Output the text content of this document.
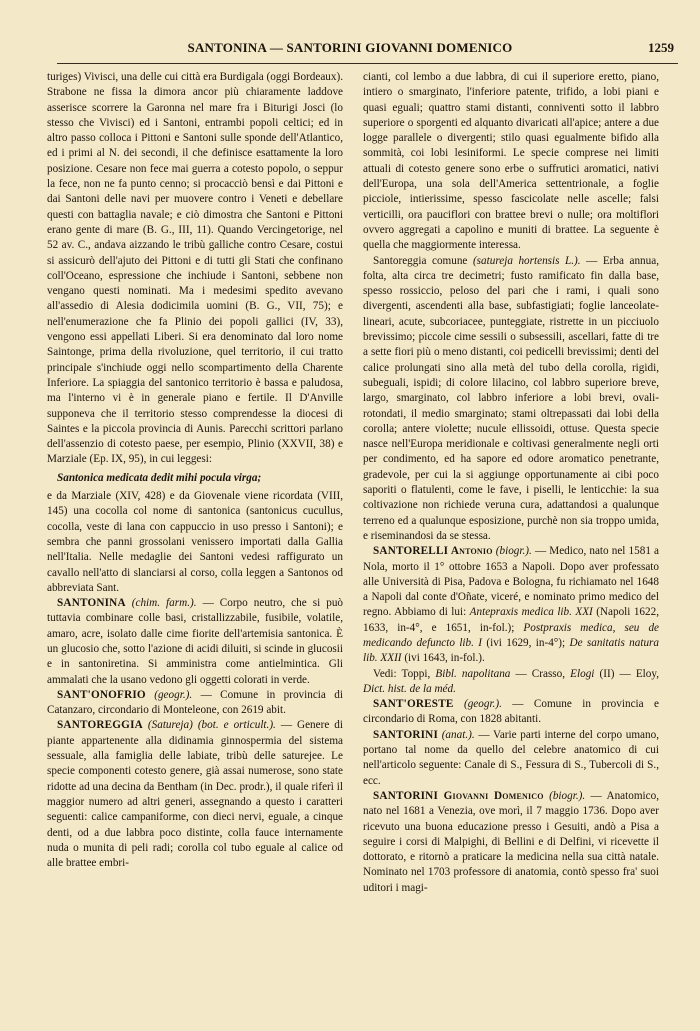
SANTONINA — SANTORINI GIOVANNI DOMENICO	1259

turiges) Vivisci, una delle cui città era Burdigala (oggi Bordeaux). Strabone ne fissa la dimora ancor più chiaramente laddove asserisce scorrere la Garonna nel mare fra i Biturigi Josci (lo stesso che Vivisci) ed i Santoni, entrambi popoli celtici; ed in altro passo colloca i Pittoni e Santoni sulle sponde dell'Atlantico, ed i primi al N. dei secondi, il che definisce esattamente la loro posizione. Cesare non fece mai guerra a cotesto popolo, o seppur la fece, non ne fa punto cenno; si procacciò bensì e dai Pittoni e dai Santoni delle navi per muovere contro i Veneti e debellare questi con battaglia navale; e ciò dimostra che Santoni e Pittoni erano gente di mare (B. G., III, 11). Quando Vercingetorige, nel 52 av. C., andava aizzando le tribù galliche contro Cesare, costui si assicurò dell'ajuto dei Pittoni e di tutti gli Stati che confinano coll'Oceano, espressione che inchiude i Santoni, sebbene non vengano questi nominati. Ma i medesimi spedito avevano all'assedio di Alesia dodicimila uomini (B. G., VII, 75); e nell'enumerazione che fa Plinio dei popoli gallici (IV, 33), vengono essi appellati Liberi. Si era denominato dal loro nome Saintonge, prima della rivoluzione, quel territorio, il cui tratto principale s'inchiude oggi nello scompartimento della Charente Inferiore. La spiaggia del santonico territorio è bassa e paludosa, ma l'interno vi è in generale piano e fertile. Il D'Anville supponeva che il territorio stesso comprendesse la diocesi di Saintes e la piccola provincia di Aunis. Parecchi scrittori parlano dell'assenzio di cotesto paese, per esempio, Plinio (XXVII, 38) e Marziale (Ep. IX, 95), in cui leggesi:

Santonica medicata dedit mihi pocula virga;

e da Marziale (XIV, 428) e da Giovenale viene ricordata (VIII, 145) una cocolla col nome di santonica (santonicus cucullus, cocolla, veste di lana con cappuccio in uso presso i Santoni); e sembra che panni grossolani venissero importati dalla Gallia nell'Italia. Nelle medaglie dei Santoni vedesi raffigurato un cavallo nell'atto di slanciarsi al corso, colla leggen a Santonos od abbreviata Sant.

SANTONINA (chim. farm.). — Corpo neutro, che si può tuttavia combinare colle basi, cristallizzabile, fusibile, volatile, amaro, acre, isolato dalle cime fiorite dell'artemisia santonica. È un glucosio che, sotto l'azione di acidi diluiti, si scinde in glucosii e in santoniretina. Si amministra come antielmintica. Gli ammalati che la usano vedono gli oggetti colorati in verde.

SANT'ONOFRIO (geogr.). — Comune in provincia di Catanzaro, circondario di Monteleone, con 2619 abit.

SANTOREGGIA (Satureja) (bot. e orticult.). — Genere di piante appartenente alla didinamia ginnospermia del sistema sessuale, alla famiglia delle labiate, tribù delle saturejee. Le specie componenti cotesto genere, già assai numerose, sono state ridotte ad una decina da Bentham (in Dec. prodr.), il quale riferì il maggior numero ad altri generi, assegnando a questo i caratteri seguenti: calice campaniforme, con dieci nervi, eguale, a cinque denti, od a due labbra poco distinte, colla fauce internamente nuda o munita di peli radi; corolla col tubo eguale al calice od alle brattee embri-

cianti, col lembo a due labbra, di cui il superiore eretto, piano, intiero o smarginato, l'inferiore patente, trifido, a lobi piani e quasi eguali; quattro stami distanti, conniventi sotto il labbro superiore o sporgenti ed alquanto divaricati all'apice; antere a due logge parallele o divergenti; stilo quasi egualmente bifido alla sommità, coi lobi lesiniformi. Le specie comprese nei limiti attuali di cotesto genere sono erbe o suffrutici aromatici, nativi dell'Europa, una sola dell'America settentrionale, a foglie picciole, intierissime, spesso fascicolate nelle ascelle; falsi verticilli, ora pauciflori con brattee brevi o nulle; ora moltiflori ovvero aggregati a capolino e muniti di brattee. La seguente è quella che maggiormente interessa.

Santoreggia comune (satureja hortensis L.). — Erba annua, folta, alta circa tre decimetri; fusto ramificato fin dalla base, spesso rossiccio, peloso del pari che i rami, i quali sono divergenti, ascendenti alla base, subfastigiati; foglie lanceolate-lineari, acute, subcoriacee, punteggiate, ristrette in un picciuolo brevissimo; piccole cime sessili o subsessili, ascellari, fatte di tre a sette fiori più o meno distanti, coi pedicelli brevissimi; denti del calice prolungati sino alla metà del tubo della corolla, rigidi, subeguali, ispidi; di colore lilacino, col labbro superiore breve, largo, smarginato, col labbro inferiore a lobi brevi, ovali-rotondati, il medio smarginato; stami oltrepassati dai lobi della corolla; antere violette; nucule ellissoidi, ottuse. Questa specie nasce nell'Europa meridionale e coltivasi generalmente negli orti per condimento, ed ha sapore ed odore aromatico penetrante, gradevole, per cui la si aggiunge opportunamente ai cibi poco saporiti o flatulenti, come le fave, i piselli, le lenticchie: la sua coltivazione non richiede veruna cura, adattandosi a qualunque terreno ed a qualunque esposizione, purchè non sia troppo umida, e riseminandosi da se stessa.

SANTORELLI Antonio (biogr.). — Medico, nato nel 1581 a Nola, morto il 1° ottobre 1653 a Napoli. Dopo aver professato alle Università di Pisa, Padova e Bologna, fu richiamato nel 1648 a Napoli dal conte d'Oñate, viceré, e nominato primo medico del regno. Abbiamo di lui: Antepraxis medica lib. XXI (Napoli 1622, 1633, in-4°, e 1651, in-fol.); Postpraxis medica, seu de medicando defuncto lib. I (ivi 1629, in-4°); De sanitatis natura lib. XXII (ivi 1643, in-fol.).

Vedi: Toppi, Bibl. napolitana — Crasso, Elogi (II) — Eloy, Dict. hist. de la méd.

SANT'ORESTE (geogr.). — Comune in provincia e circondario di Roma, con 1828 abitanti.

SANTORINI (anat.). — Varie parti interne del corpo umano, portano tal nome da quello del celebre anatomico di cui nell'articolo seguente: Canale di S., Fessura di S., Tubercoli di S., ecc.

SANTORINI Giovanni Domenico (biogr.). — Anatomico, nato nel 1681 a Venezia, ove morì, il 7 maggio 1736. Dopo aver ricevuto una buona educazione presso i Gesuiti, andò a Pisa a seguire i corsi di Malpighi, di Bellini e di Delfini, vi ricevette il dottorato, e ritornò a praticare la medicina nella sua città natale. Nominato nel 1703 professore di anatomia, contò spesso fra' suoi uditori i magi-
